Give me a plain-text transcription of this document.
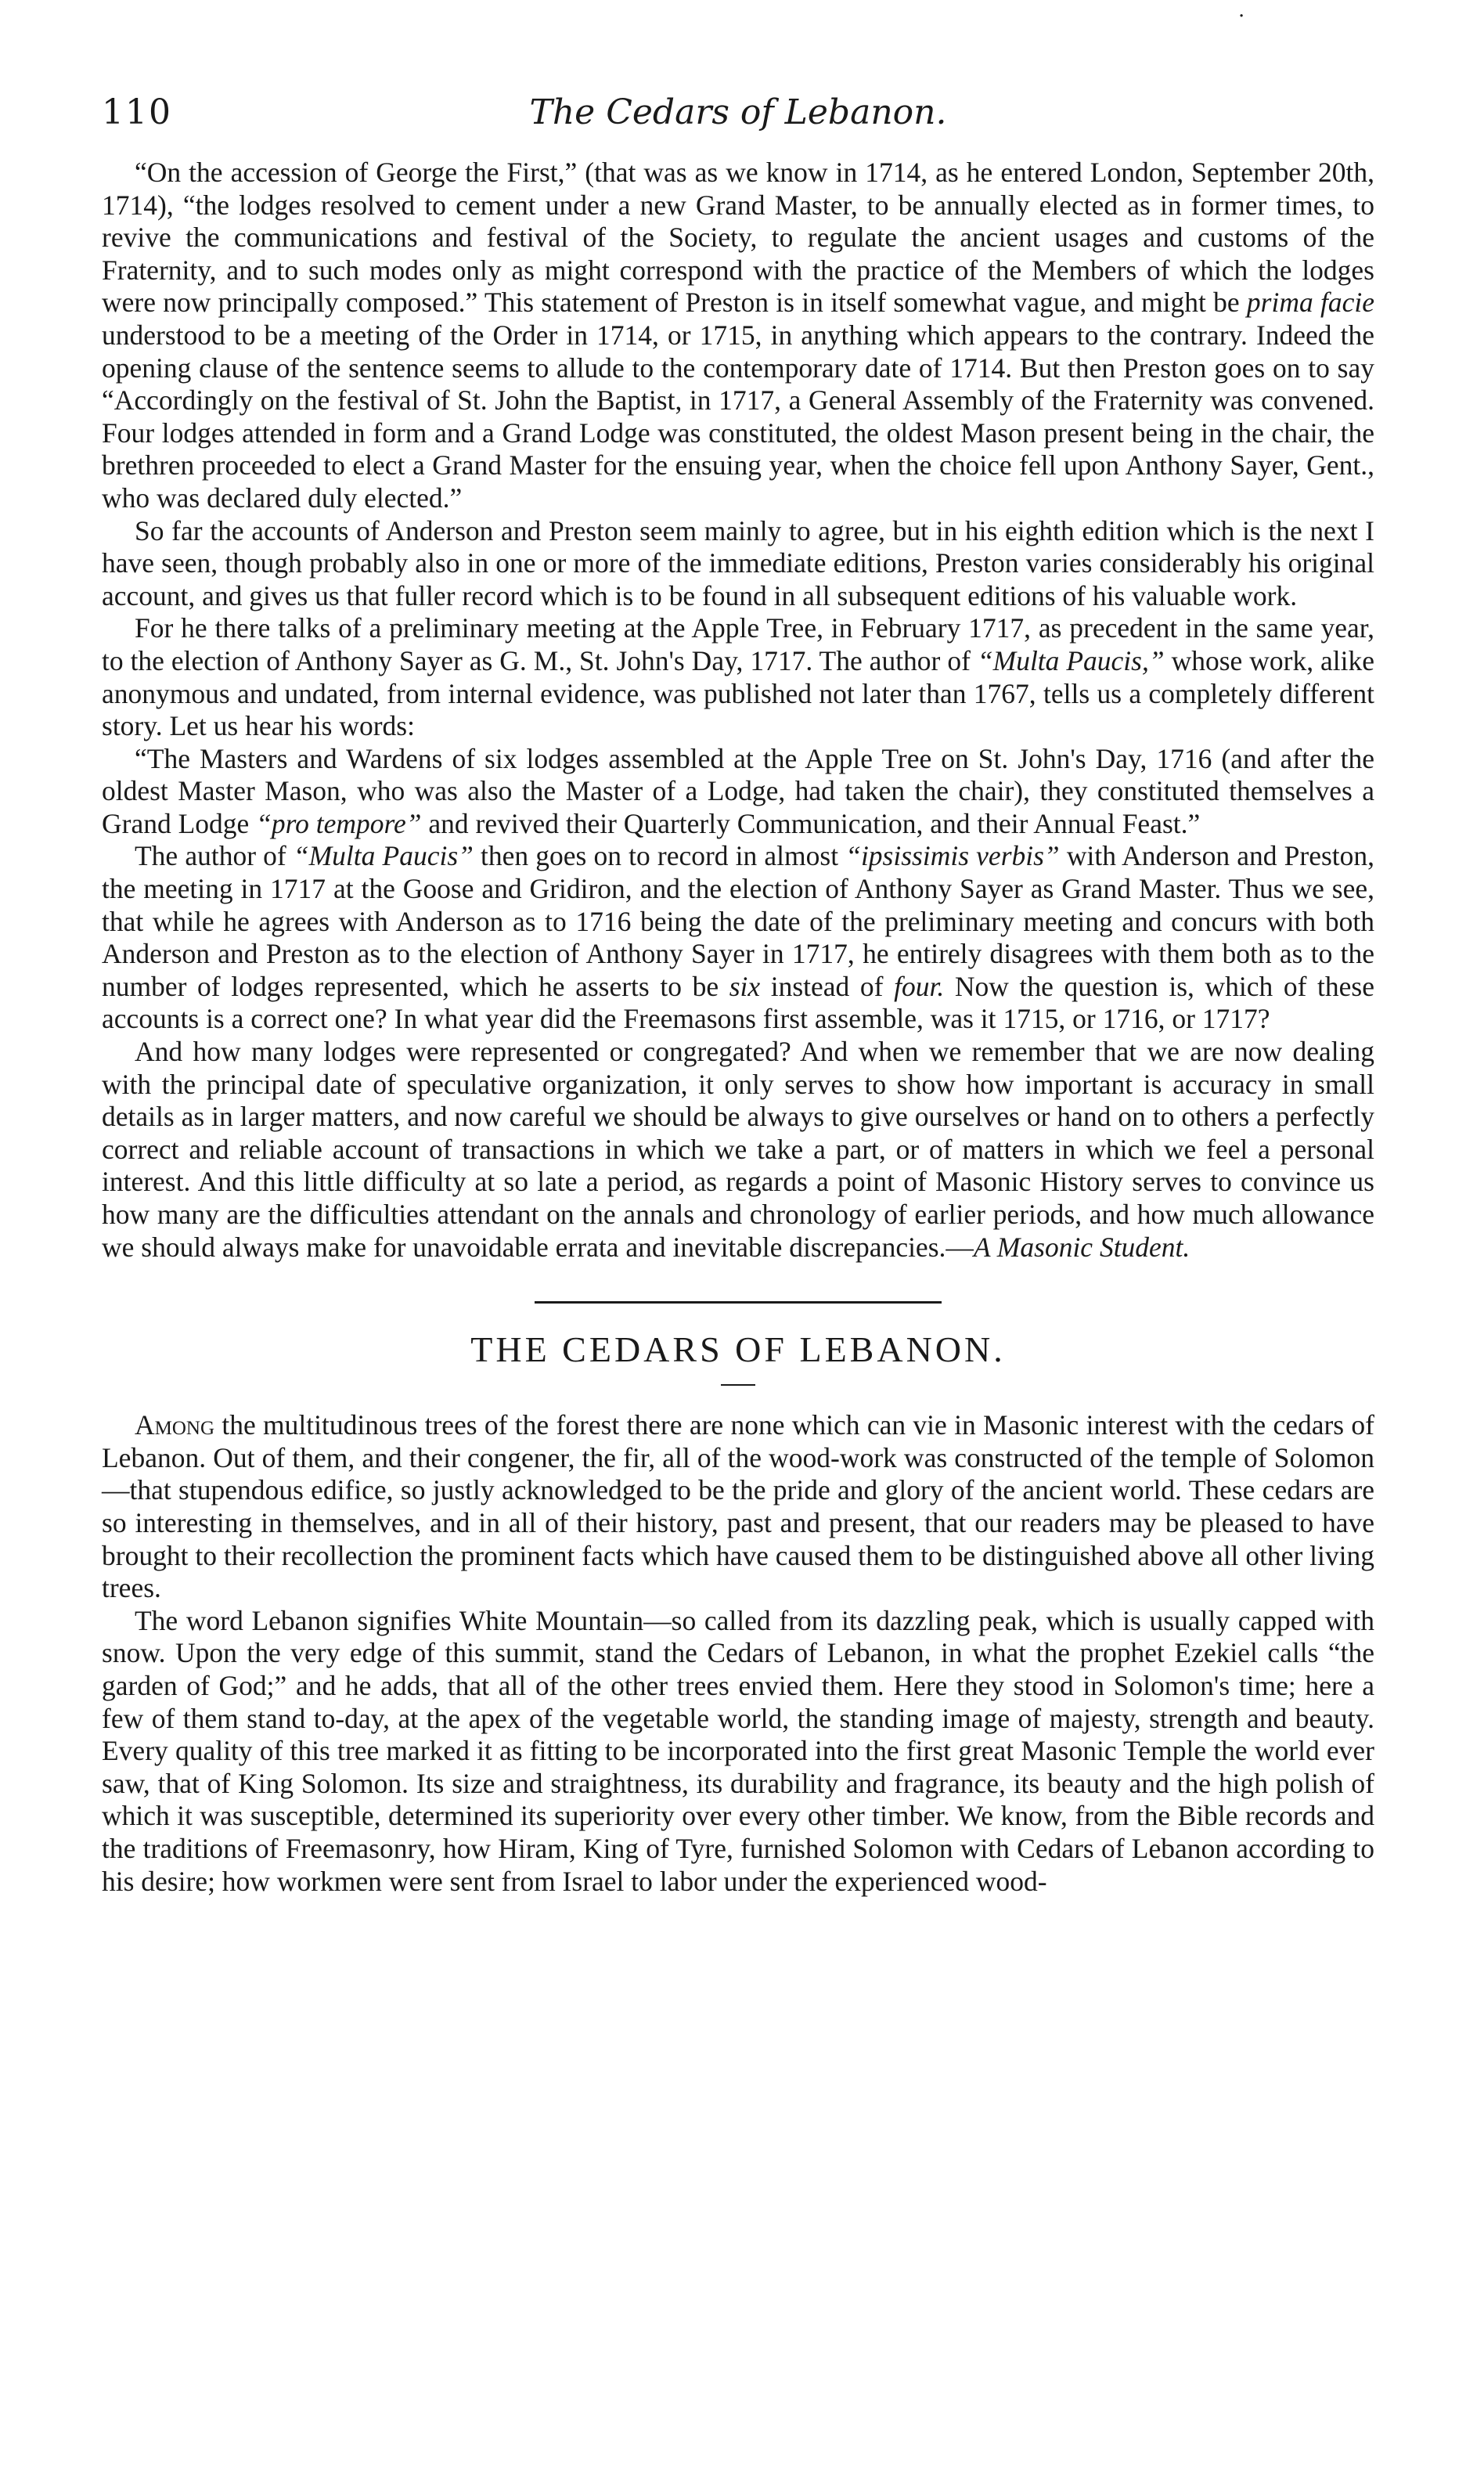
·
110	The Cedars of Lebanon.

“On the accession of George the First,” (that was as we know in 1714, as he entered London, September 20th, 1714), “the lodges resolved to cement under a new Grand Master, to be annually elected as in former times, to revive the communications and festival of the Society, to regulate the ancient usages and customs of the Fraternity, and to such modes only as might correspond with the practice of the Members of which the lodges were now principally composed.” This statement of Preston is in itself somewhat vague, and might be prima facie understood to be a meeting of the Order in 1714, or 1715, in anything which appears to the contrary. Indeed the opening clause of the sentence seems to allude to the contemporary date of 1714. But then Preston goes on to say “Accordingly on the festival of St. John the Baptist, in 1717, a General Assembly of the Fraternity was convened. Four lodges attended in form and a Grand Lodge was constituted, the oldest Mason present being in the chair, the brethren proceeded to elect a Grand Master for the ensuing year, when the choice fell upon Anthony Sayer, Gent., who was declared duly elected.”

So far the accounts of Anderson and Preston seem mainly to agree, but in his eighth edition which is the next I have seen, though probably also in one or more of the immediate editions, Preston varies considerably his original account, and gives us that fuller record which is to be found in all subsequent editions of his valuable work.

For he there talks of a preliminary meeting at the Apple Tree, in February 1717, as precedent in the same year, to the election of Anthony Sayer as G. M., St. John's Day, 1717. The author of “Multa Paucis,” whose work, alike anonymous and undated, from internal evidence, was published not later than 1767, tells us a completely different story. Let us hear his words:

“The Masters and Wardens of six lodges assembled at the Apple Tree on St. John's Day, 1716 (and after the oldest Master Mason, who was also the Master of a Lodge, had taken the chair), they constituted themselves a Grand Lodge “pro tempore” and revived their Quarterly Communication, and their Annual Feast.”

The author of “Multa Paucis” then goes on to record in almost “ipsissimis verbis” with Anderson and Preston, the meeting in 1717 at the Goose and Gridiron, and the election of Anthony Sayer as Grand Master. Thus we see, that while he agrees with Anderson as to 1716 being the date of the preliminary meeting and concurs with both Anderson and Preston as to the election of Anthony Sayer in 1717, he entirely disagrees with them both as to the number of lodges represented, which he asserts to be six instead of four. Now the question is, which of these accounts is a correct one? In what year did the Freemasons first assemble, was it 1715, or 1716, or 1717?

And how many lodges were represented or congregated? And when we remember that we are now dealing with the principal date of speculative organization, it only serves to show how important is accuracy in small details as in larger matters, and now careful we should be always to give ourselves or hand on to others a perfectly correct and reliable account of transactions in which we take a part, or of matters in which we feel a personal interest. And this little difficulty at so late a period, as regards a point of Masonic History serves to convince us how many are the difficulties attendant on the annals and chronology of earlier periods, and how much allowance we should always make for unavoidable errata and inevitable discrepancies.—A Masonic Student.

THE CEDARS OF LEBANON.

Among the multitudinous trees of the forest there are none which can vie in Masonic interest with the cedars of Lebanon. Out of them, and their congener, the fir, all of the wood-work was constructed of the temple of Solomon—that stupendous edifice, so justly acknowledged to be the pride and glory of the ancient world. These cedars are so interesting in themselves, and in all of their history, past and present, that our readers may be pleased to have brought to their recollection the prominent facts which have caused them to be distinguished above all other living trees.

The word Lebanon signifies White Mountain—so called from its dazzling peak, which is usually capped with snow. Upon the very edge of this summit, stand the Cedars of Lebanon, in what the prophet Ezekiel calls “the garden of God;” and he adds, that all of the other trees envied them. Here they stood in Solomon's time; here a few of them stand to-day, at the apex of the vegetable world, the standing image of majesty, strength and beauty. Every quality of this tree marked it as fitting to be incorporated into the first great Masonic Temple the world ever saw, that of King Solomon. Its size and straightness, its durability and fragrance, its beauty and the high polish of which it was susceptible, determined its superiority over every other timber. We know, from the Bible records and the traditions of Freemasonry, how Hiram, King of Tyre, furnished Solomon with Cedars of Lebanon according to his desire; how workmen were sent from Israel to labor under the experienced wood-
